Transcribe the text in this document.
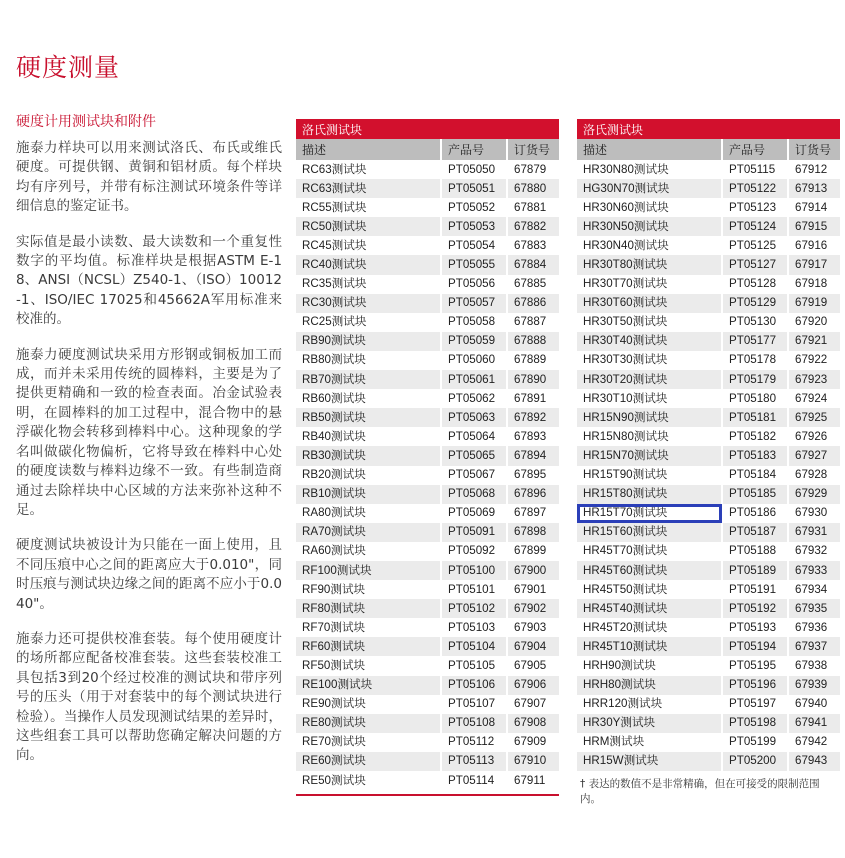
硬度测量
硬度计用测试块和附件

施泰力样块可以用来测试洛氏、布氏或维氏硬度。可提供钢、黄铜和铝材质。每个样块均有序列号，并带有标注测试环境条件等详细信息的鉴定证书。

实际值是最小读数、最大读数和一个重复性数字的平均值。标准样块是根据ASTM E-18、ANSI（NCSL）Z540-1、（ISO）10012-1、ISO/IEC 17025和45662A军用标准来校准的。

施泰力硬度测试块采用方形钢或铜板加工而成，而并未采用传统的圆棒料，主要是为了提供更精确和一致的检查表面。冶金试验表明，在圆棒料的加工过程中，混合物中的悬浮碳化物会转移到棒料中心。这种现象的学名叫做碳化物偏析，它将导致在棒料中心处的硬度读数与棒料边缘不一致。有些制造商通过去除样块中心区域的方法来弥补这种不足。

硬度测试块被设计为只能在一面上使用，且不同压痕中心之间的距离应大于0.010"，同时压痕与测试块边缘之间的距离不应小于0.040"。

施泰力还可提供校准套装。每个使用硬度计的场所都应配备校准套装。这些套装校准工具包括3到20个经过校准的测试块和带序列号的压头（用于对套装中的每个测试块进行检验）。当操作人员发现测试结果的差异时，这些组套工具可以帮助您确定解决问题的方向。

洛氏测试块		
描述	产品号	订货号
RC63测试块	PT05050	67879
RC63测试块	PT05051	67880
RC55测试块	PT05052	67881
RC50测试块	PT05053	67882
RC45测试块	PT05054	67883
RC40测试块	PT05055	67884
RC35测试块	PT05056	67885
RC30测试块	PT05057	67886
RC25测试块	PT05058	67887
RB90测试块	PT05059	67888
RB80测试块	PT05060	67889
RB70测试块	PT05061	67890
RB60测试块	PT05062	67891
RB50测试块	PT05063	67892
RB40测试块	PT05064	67893
RB30测试块	PT05065	67894
RB20测试块	PT05067	67895
RB10测试块	PT05068	67896
RA80测试块	PT05069	67897
RA70测试块	PT05091	67898
RA60测试块	PT05092	67899
RF100测试块	PT05100	67900
RF90测试块	PT05101	67901
RF80测试块	PT05102	67902
RF70测试块	PT05103	67903
RF60测试块	PT05104	67904
RF50测试块	PT05105	67905
RE100测试块	PT05106	67906
RE90测试块	PT05107	67907
RE80测试块	PT05108	67908
RE70测试块	PT05112	67909
RE60测试块	PT05113	67910
RE50测试块	PT05114	67911
洛氏测试块		
描述	产品号	订货号
HR30N80测试块	PT05115	67912
HG30N70测试块	PT05122	67913
HR30N60测试块	PT05123	67914
HR30N50测试块	PT05124	67915
HR30N40测试块	PT05125	67916
HR30T80测试块	PT05127	67917
HR30T70测试块	PT05128	67918
HR30T60测试块	PT05129	67919
HR30T50测试块	PT05130	67920
HR30T40测试块	PT05177	67921
HR30T30测试块	PT05178	67922
HR30T20测试块	PT05179	67923
HR30T10测试块	PT05180	67924
HR15N90测试块	PT05181	67925
HR15N80测试块	PT05182	67926
HR15N70测试块	PT05183	67927
HR15T90测试块	PT05184	67928
HR15T80测试块	PT05185	67929
HR15T70测试块	PT05186	67930
HR15T60测试块	PT05187	67931
HR45T70测试块	PT05188	67932
HR45T60测试块	PT05189	67933
HR45T50测试块	PT05191	67934
HR45T40测试块	PT05192	67935
HR45T20测试块	PT05193	67936
HR45T10测试块	PT05194	67937
HRH90测试块	PT05195	67938
HRH80测试块	PT05196	67939
HRR120测试块	PT05197	67940
HR30Y测试块	PT05198	67941
HRM测试块	PT05199	67942
HR15W测试块	PT05200	67943
† 表达的数值不是非常精确，但在可接受的限制范围内。
